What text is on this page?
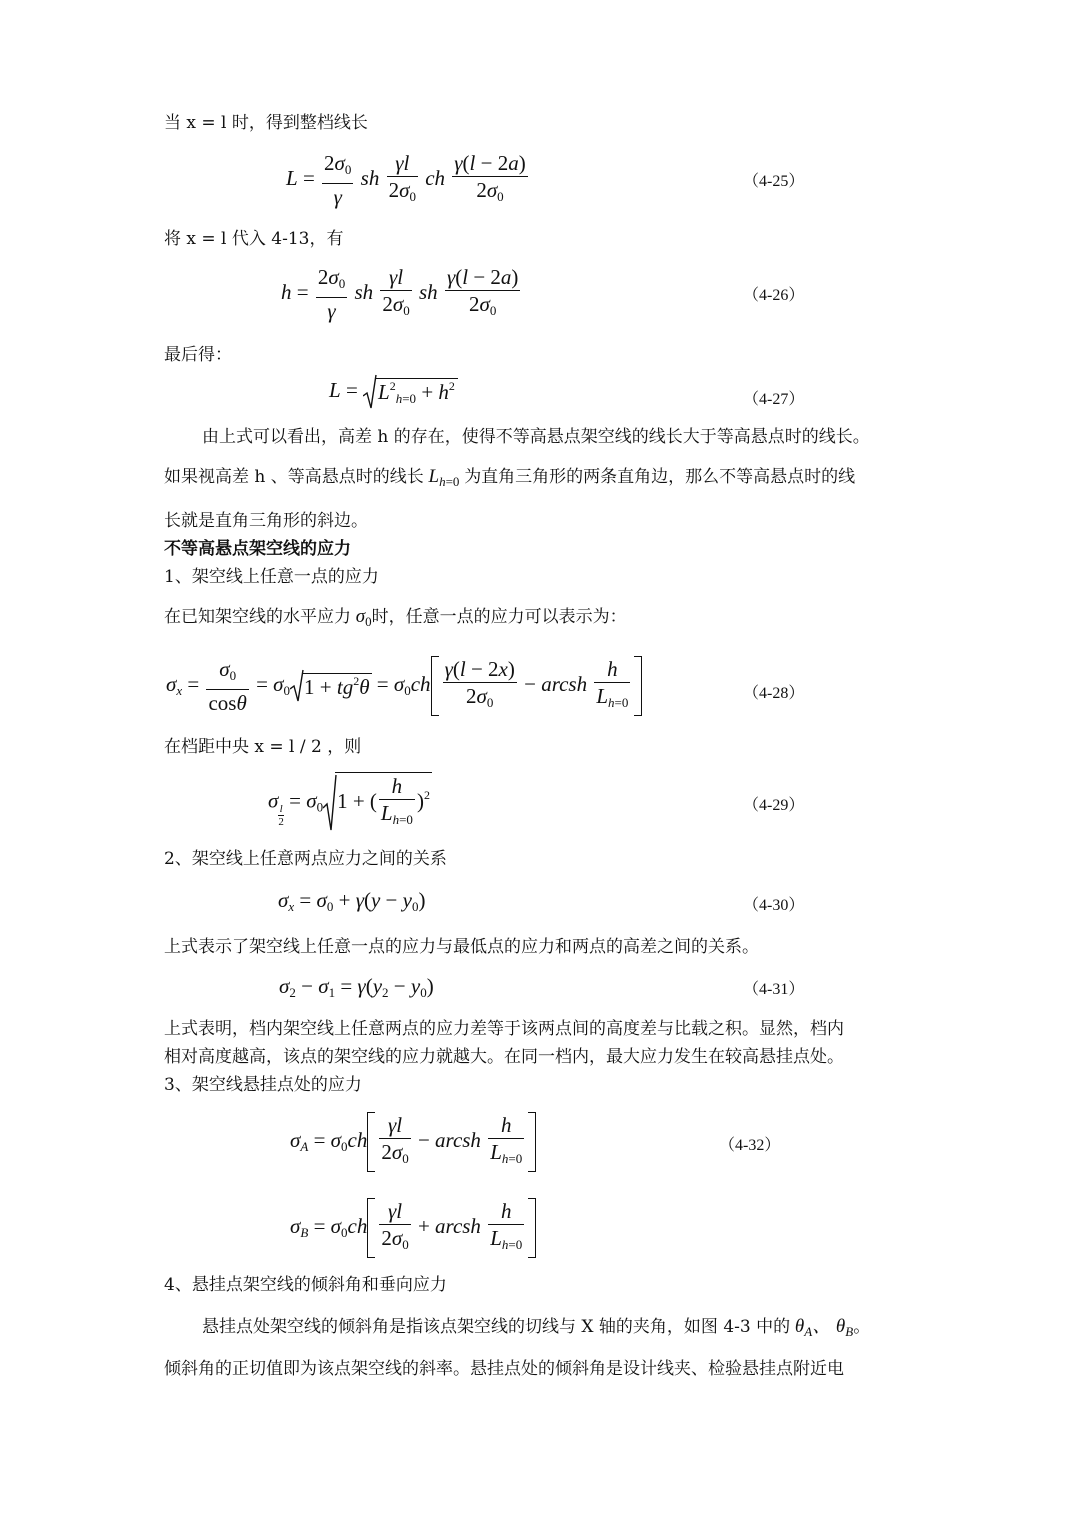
当 x = l 时，得到整档线长
$L = \frac{2\sigma_0}{\gamma}$ sh $\frac{\gamma l}{2\sigma_0}$ ch $\frac{\gamma(l - 2a)}{2\sigma_0}$	（4-25）
将 x = l 代入 4-13，有
$h = \frac{2\sigma_0}{\gamma}$ sh $\frac{\gamma l}{2\sigma_0}$ sh $\frac{\gamma(l - 2a)}{2\sigma_0}$	（4-26）
最后得：
$L = L^2_{h=0} + h^2$
（4-27）
由上式可以看出，高差 h 的存在，使得不等高悬点架空线的线长大于等高悬点时的线长。
如果视高差 h 、等高悬点时的线长 $L_{h=0}$ 为直角三角形的两条直角边，那么不等高悬点时的线
长就是直角三角形的斜边。
不等高悬点架空线的应力
1、架空线上任意一点的应力
在已知架空线的水平应力 $\sigma_0$时，任意一点的应力可以表示为：
$\sigma_x = \frac{\sigma_0}{\cos\theta} = \sigma_0$ $1 + tg^2\theta = \sigma_0ch \frac{\gamma(l - 2x)}{2\sigma_0}$ − arcsh $\frac{h}{L_{h=0}}$	（4-28）
在档距中央 x = l / 2 ，则
σ
$\frac{l}{2}$
= $\sigma_0$ 1 + ( $\frac{h}{L_{h=0}} )^2$
（4-29）
2、架空线上任意两点应力之间的关系
$\sigma_x = \sigma_0 + \gamma(y - y_0)$	（4-30）
上式表示了架空线上任意一点的应力与最低点的应力和两点的高差之间的关系。
$\sigma_2 - \sigma_1 = \gamma(y_2 - y_0)$	（4-31）
上式表明，档内架空线上任意两点的应力差等于该两点间的高度差与比载之积。显然，档内
相对高度越高，该点的架空线的应力就越大。在同一档内，最大应力发生在较高悬挂点处。
3、架空线悬挂点处的应力
$\sigma_A = \sigma_0ch \frac{\gamma l}{2\sigma_0}$ − arcsh $\frac{h}{L_{h=0}}$	（4-32）
$\sigma_B = \sigma_0ch \frac{\gamma l}{2\sigma_0}$ + arcsh $\frac{h}{L_{h=0}}$
4、悬挂点架空线的倾斜角和垂向应力
悬挂点处架空线的倾斜角是指该点架空线的切线与 X 轴的夹角，如图 4-3 中的 $\theta_A$、 $\theta_B$。
倾斜角的正切值即为该点架空线的斜率。悬挂点处的倾斜角是设计线夹、检验悬挂点附近电
